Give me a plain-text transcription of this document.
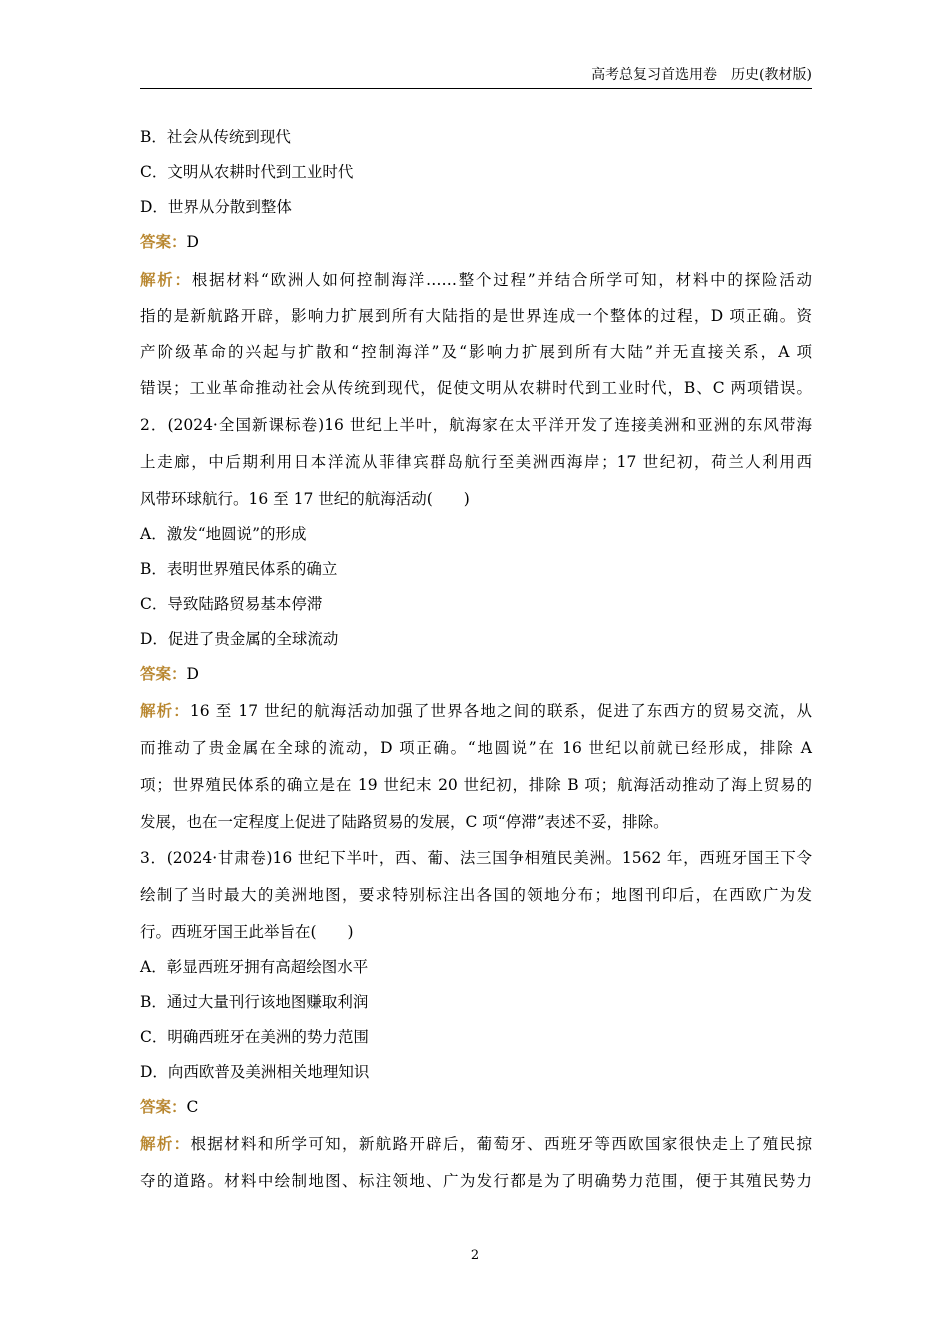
高考总复习首选用卷　历史(教材版)
B．社会从传统到现代
C．文明从农耕时代到工业时代
D．世界从分散到整体
答案：D
解析：根据材料“欧洲人如何控制海洋……整个过程”并结合所学可知，材料中的探险活动
指的是新航路开辟，影响力扩展到所有大陆指的是世界连成一个整体的过程，D 项正确。资
产阶级革命的兴起与扩散和“控制海洋”及“影响力扩展到所有大陆”并无直接关系，A 项
错误；工业革命推动社会从传统到现代，促使文明从农耕时代到工业时代，B、C 两项错误。
2．(2024·全国新课标卷)16 世纪上半叶，航海家在太平洋开发了连接美洲和亚洲的东风带海
上走廊，中后期利用日本洋流从菲律宾群岛航行至美洲西海岸；17 世纪初，荷兰人利用西
风带环球航行。16 至 17 世纪的航海活动(　　)
A．激发“地圆说”的形成
B．表明世界殖民体系的确立
C．导致陆路贸易基本停滞
D．促进了贵金属的全球流动
答案：D
解析：16 至 17 世纪的航海活动加强了世界各地之间的联系，促进了东西方的贸易交流，从
而推动了贵金属在全球的流动，D 项正确。“地圆说”在 16 世纪以前就已经形成，排除 A
项；世界殖民体系的确立是在 19 世纪末 20 世纪初，排除 B 项；航海活动推动了海上贸易的
发展，也在一定程度上促进了陆路贸易的发展，C 项“停滞”表述不妥，排除。
3．(2024·甘肃卷)16 世纪下半叶，西、葡、法三国争相殖民美洲。1562 年，西班牙国王下令
绘制了当时最大的美洲地图，要求特别标注出各国的领地分布；地图刊印后，在西欧广为发
行。西班牙国王此举旨在(　　)
A．彰显西班牙拥有高超绘图水平
B．通过大量刊行该地图赚取利润
C．明确西班牙在美洲的势力范围
D．向西欧普及美洲相关地理知识
答案：C
解析：根据材料和所学可知，新航路开辟后，葡萄牙、西班牙等西欧国家很快走上了殖民掠
夺的道路。材料中绘制地图、标注领地、广为发行都是为了明确势力范围，便于其殖民势力
2
